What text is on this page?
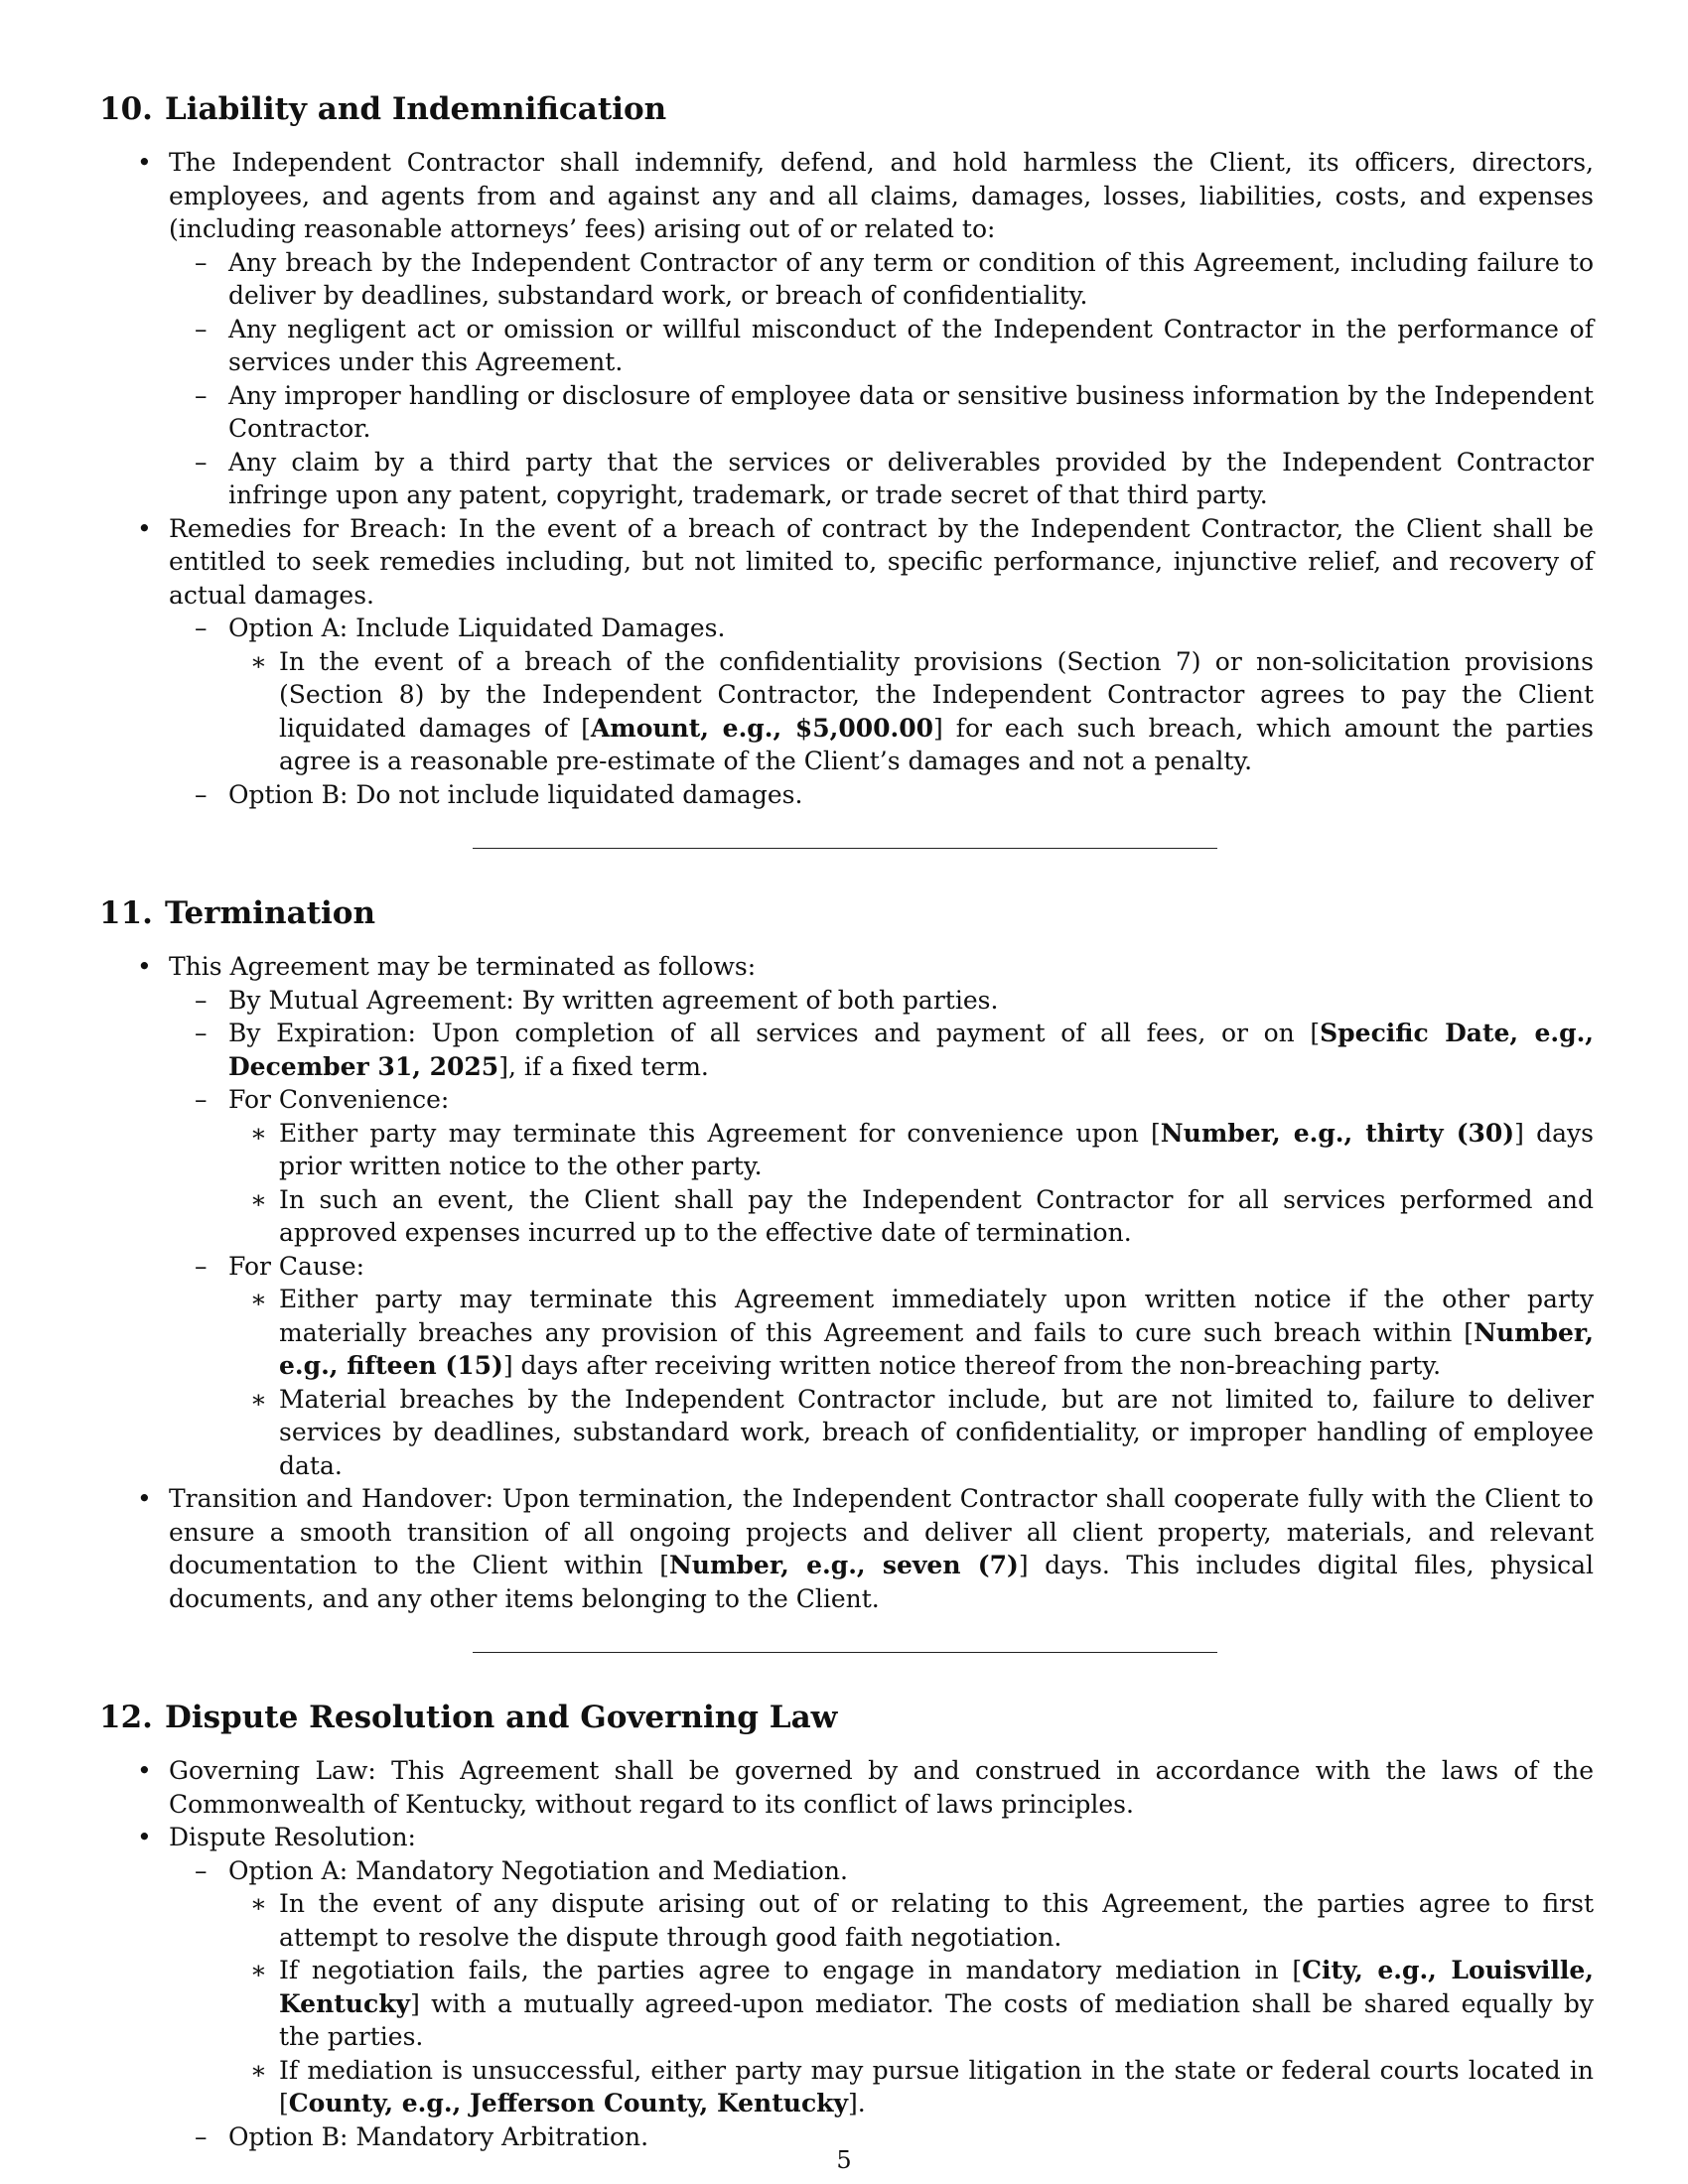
10. Liability and Indemnification
• The Independent Contractor shall indemnify, defend, and hold harmless the Client, its officers, directors, employees, and agents from and against any and all claims, damages, losses, liabilities, costs, and expenses (including reasonable attorneys’ fees) arising out of or related to:
– Any breach by the Independent Contractor of any term or condition of this Agreement, including failure to deliver by deadlines, substandard work, or breach of confidentiality.
– Any negligent act or omission or willful misconduct of the Independent Contractor in the performance of services under this Agreement.
– Any improper handling or disclosure of employee data or sensitive business information by the Independent Contractor.
– Any claim by a third party that the services or deliverables provided by the Independent Contractor infringe upon any patent, copyright, trademark, or trade secret of that third party.
• Remedies for Breach: In the event of a breach of contract by the Independent Contractor, the Client shall be entitled to seek remedies including, but not limited to, specific performance, injunctive relief, and recovery of actual damages.
– Option A: Include Liquidated Damages.
∗ In the event of a breach of the confidentiality provisions (Section 7) or non-solicitation provisions (Section 8) by the Independent Contractor, the Independent Contractor agrees to pay the Client liquidated damages of [Amount, e.g., $5,000.00] for each such breach, which amount the parties agree is a reasonable pre-estimate of the Client’s damages and not a penalty.
– Option B: Do not include liquidated damages.
11. Termination
• This Agreement may be terminated as follows:
– By Mutual Agreement: By written agreement of both parties.
– By Expiration: Upon completion of all services and payment of all fees, or on [Specific Date, e.g., December 31, 2025], if a fixed term.
– For Convenience:
∗ Either party may terminate this Agreement for convenience upon [Number, e.g., thirty (30)] days prior written notice to the other party.
∗ In such an event, the Client shall pay the Independent Contractor for all services performed and approved expenses incurred up to the effective date of termination.
– For Cause:
∗ Either party may terminate this Agreement immediately upon written notice if the other party materially breaches any provision of this Agreement and fails to cure such breach within [Number, e.g., fifteen (15)] days after receiving written notice thereof from the non-breaching party.
∗ Material breaches by the Independent Contractor include, but are not limited to, failure to deliver services by deadlines, substandard work, breach of confidentiality, or improper handling of employee data.
• Transition and Handover: Upon termination, the Independent Contractor shall cooperate fully with the Client to ensure a smooth transition of all ongoing projects and deliver all client property, materials, and relevant documentation to the Client within [Number, e.g., seven (7)] days. This includes digital files, physical documents, and any other items belonging to the Client.
12. Dispute Resolution and Governing Law
• Governing Law: This Agreement shall be governed by and construed in accordance with the laws of the Commonwealth of Kentucky, without regard to its conflict of laws principles.
• Dispute Resolution:
– Option A: Mandatory Negotiation and Mediation.
∗ In the event of any dispute arising out of or relating to this Agreement, the parties agree to first attempt to resolve the dispute through good faith negotiation.
∗ If negotiation fails, the parties agree to engage in mandatory mediation in [City, e.g., Louisville, Kentucky] with a mutually agreed-upon mediator. The costs of mediation shall be shared equally by the parties.
∗ If mediation is unsuccessful, either party may pursue litigation in the state or federal courts located in [County, e.g., Jefferson County, Kentucky].
– Option B: Mandatory Arbitration.
5
